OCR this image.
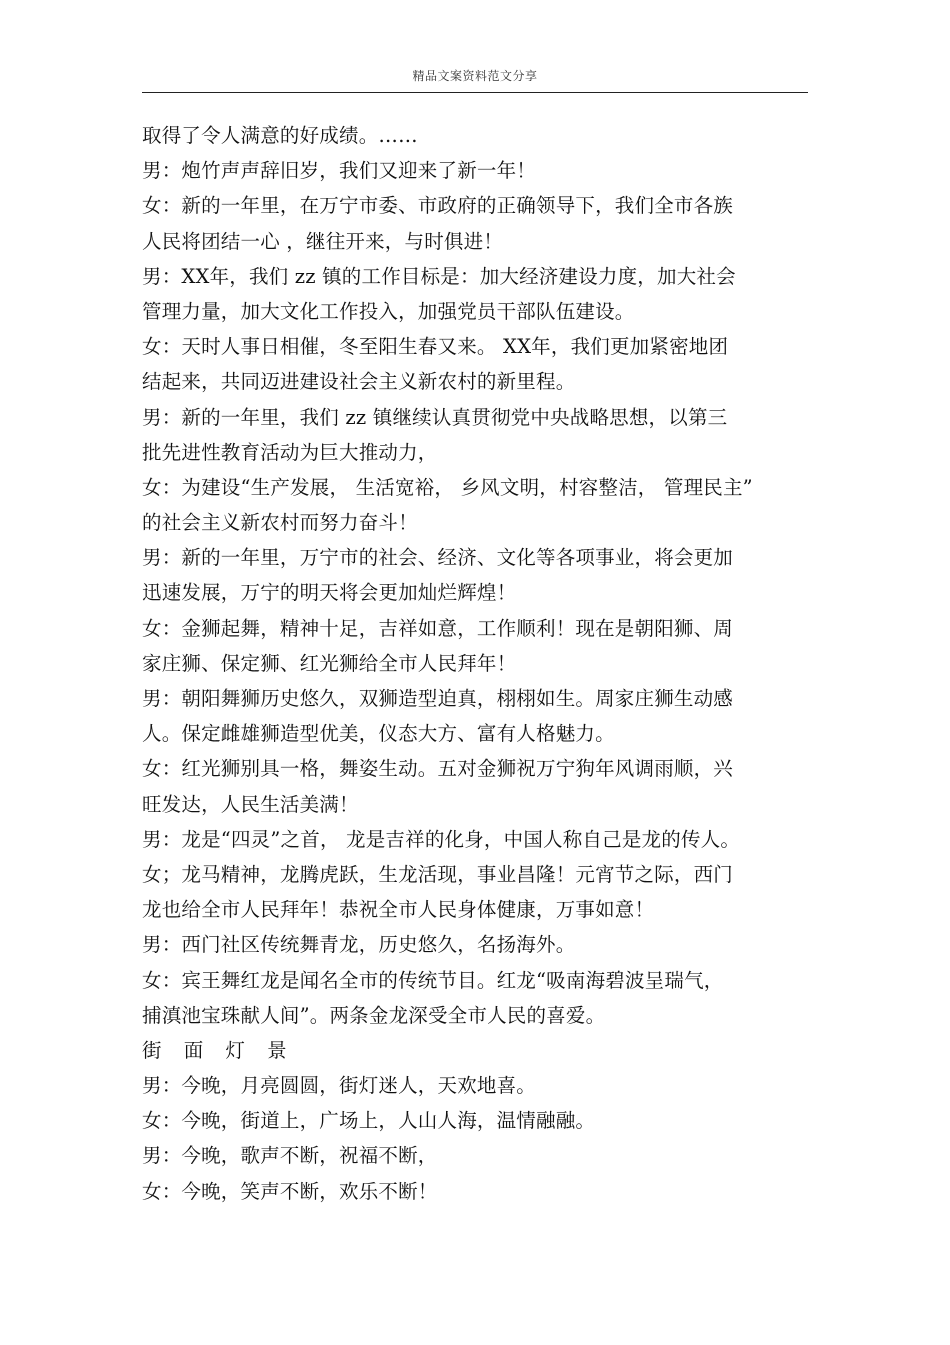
精品文案资料范文分享
取得了令人满意的好成绩。……
男：炮竹声声辞旧岁，我们又迎来了新一年！
女：新的一年里，在万宁市委、市政府的正确领导下，我们全市各族
人民将团结一心 ，继往开来，与时俱进！
男：XX年，我们 zz 镇的工作目标是：加大经济建设力度，加大社会
管理力量，加大文化工作投入，加强党员干部队伍建设。
女：天时人事日相催，冬至阳生春又来。 XX年，我们更加紧密地团
结起来，共同迈进建设社会主义新农村的新里程。
男：新的一年里，我们 zz 镇继续认真贯彻党中央战略思想，以第三
批先进性教育活动为巨大推动力，
女：为建设“生产发展， 生活宽裕， 乡风文明，村容整洁， 管理民主”
的社会主义新农村而努力奋斗！
男：新的一年里，万宁市的社会、经济、文化等各项事业，将会更加
迅速发展，万宁的明天将会更加灿烂辉煌！
女：金狮起舞，精神十足，吉祥如意，工作顺利！现在是朝阳狮、周
家庄狮、保定狮、红光狮给全市人民拜年！
男：朝阳舞狮历史悠久，双狮造型迫真，栩栩如生。周家庄狮生动感
人。保定雌雄狮造型优美，仪态大方、富有人格魅力。
女：红光狮别具一格，舞姿生动。五对金狮祝万宁狗年风调雨顺，兴
旺发达，人民生活美满！
男：龙是“四灵”之首， 龙是吉祥的化身，中国人称自己是龙的传人。
女；龙马精神，龙腾虎跃，生龙活现，事业昌隆！元宵节之际，西门
龙也给全市人民拜年！恭祝全市人民身体健康，万事如意！
男：西门社区传统舞青龙，历史悠久，名扬海外。
女：宾王舞红龙是闻名全市的传统节目。红龙“吸南海碧波呈瑞气，
捕滇池宝珠献人间”。两条金龙深受全市人民的喜爱。
街 面 灯 景
男：今晚，月亮圆圆，街灯迷人，天欢地喜。
女：今晚，街道上，广场上，人山人海，温情融融。
男：今晚，歌声不断，祝福不断，
女：今晚，笑声不断，欢乐不断！
